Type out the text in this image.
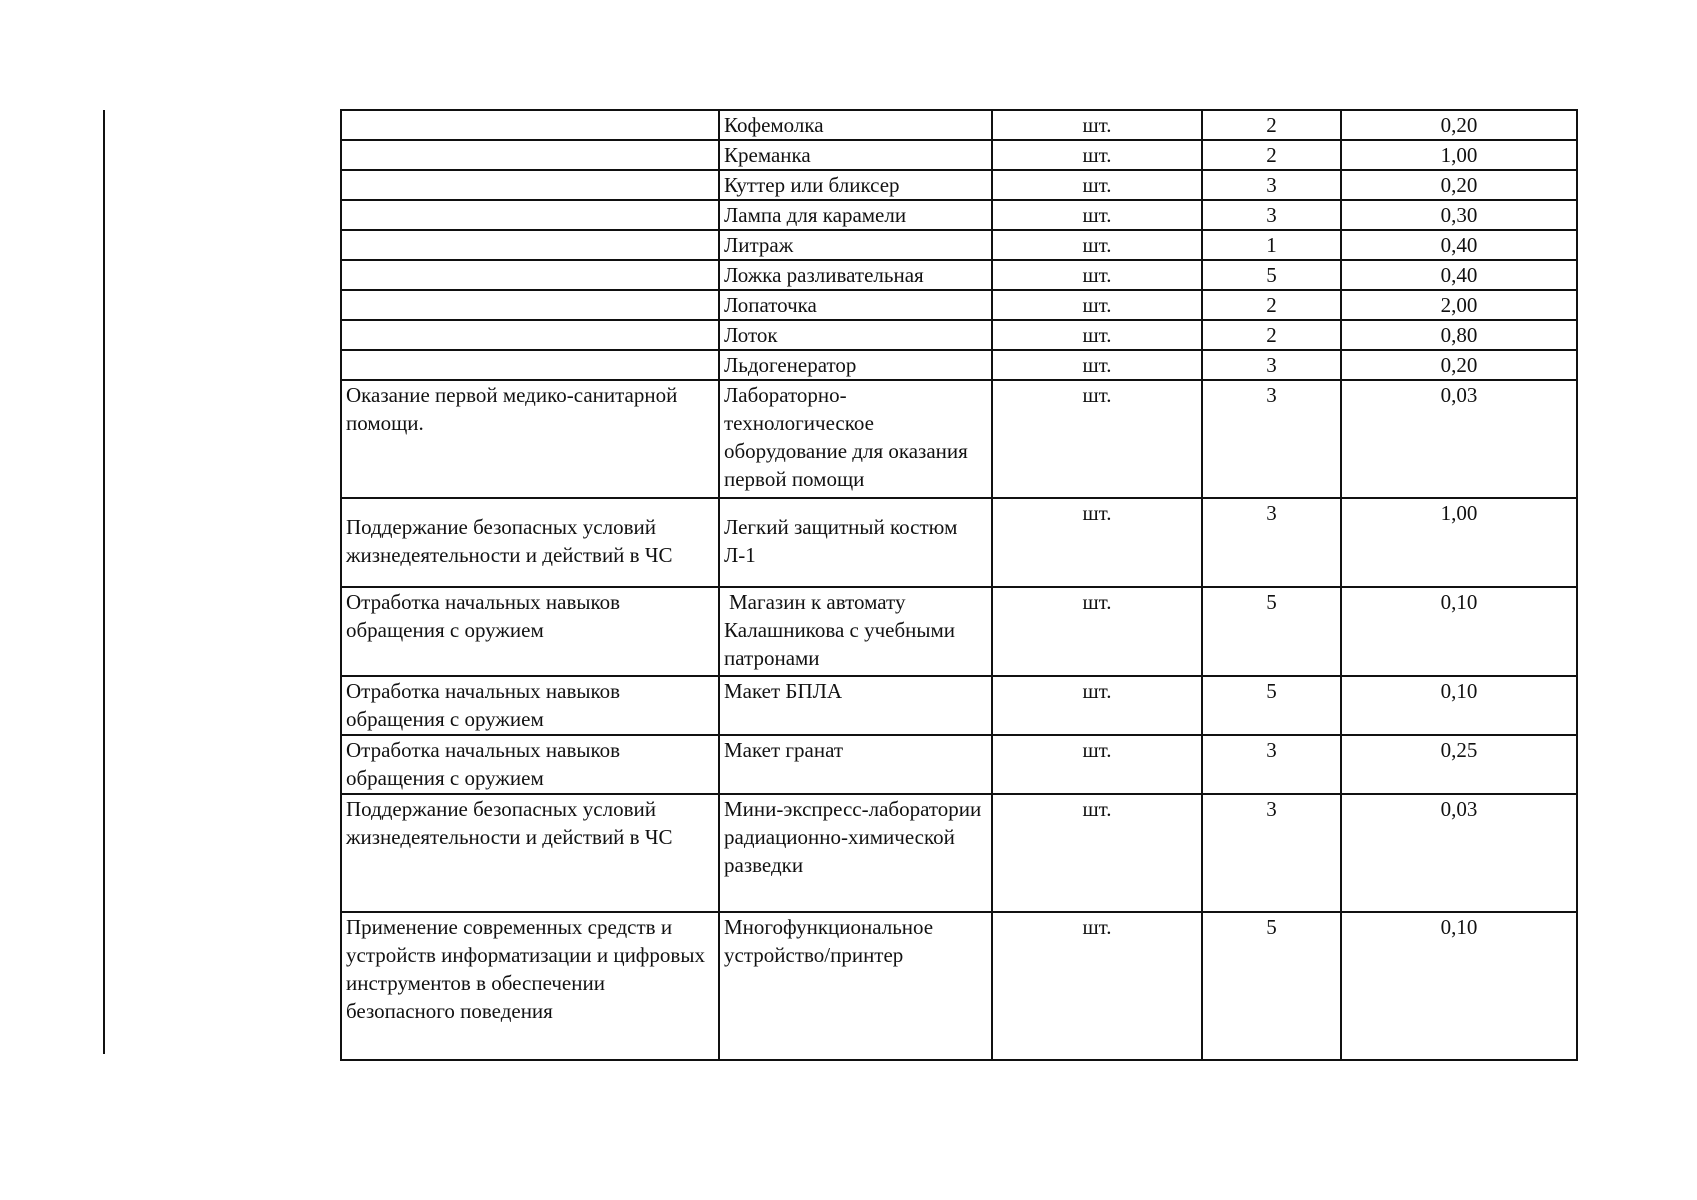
	Кофемолка	шт.	2	0,20
	Креманка	шт.	2	1,00
	Куттер или бликсер	шт.	3	0,20
	Лампа для карамели	шт.	3	0,30
	Литраж	шт.	1	0,40
	Ложка разливательная	шт.	5	0,40
	Лопаточка	шт.	2	2,00
	Лоток	шт.	2	0,80
	Льдогенератор	шт.	3	0,20
Оказание первой медико-санитарной помощи.	Лабораторно-технологическое оборудование для оказания первой помощи	шт.	3	0,03
Поддержание безопасных условий жизнедеятельности и действий в ЧС	Легкий защитный костюм Л-1	шт.	3	1,00
Отработка начальных навыков обращения с оружием	Магазин к автомату Калашникова с учебными патронами	шт.	5	0,10
Отработка начальных навыков обращения с оружием	Макет БПЛА	шт.	5	0,10
Отработка начальных навыков обращения с оружием	Макет гранат	шт.	3	0,25
Поддержание безопасных условий жизнедеятельности и действий в ЧС	Мини-экспресс-лаборатории радиационно-химической разведки	шт.	3	0,03
Применение современных средств и устройств информатизации и цифровых инструментов в обеспечении безопасного поведения	Многофункциональное устройство/принтер	шт.	5	0,10
